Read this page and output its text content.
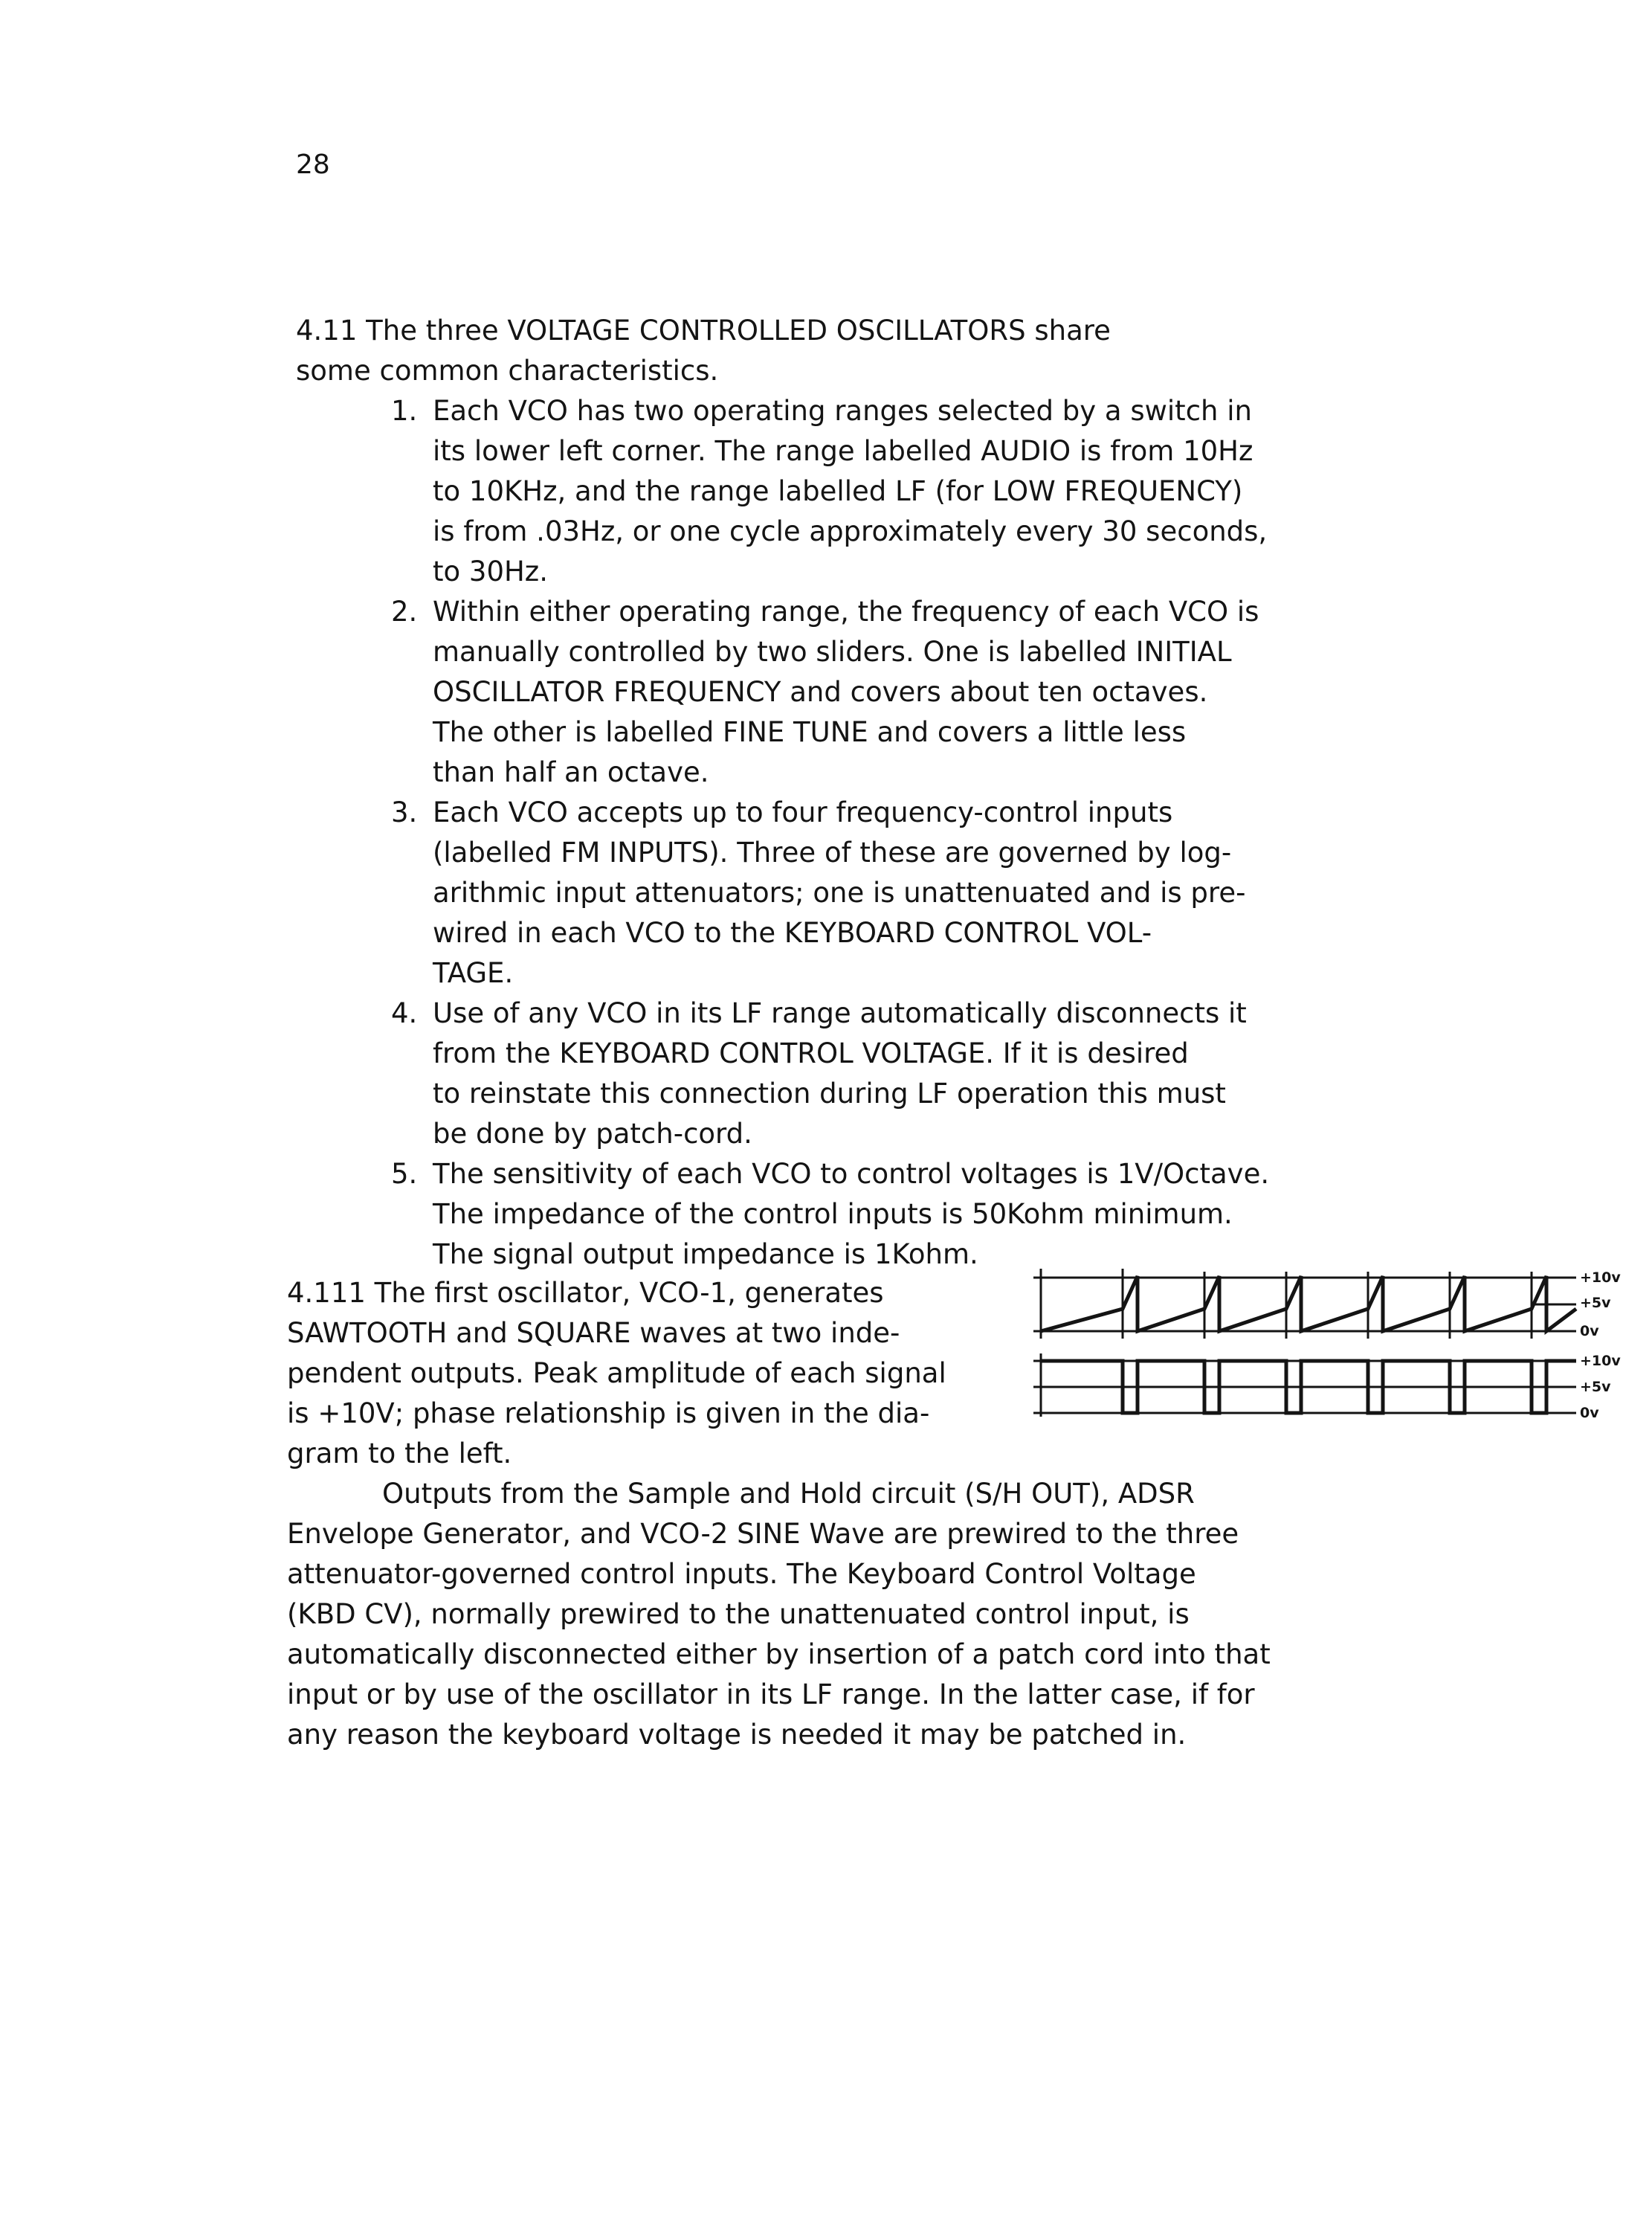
28
4.11 The three VOLTAGE CONTROLLED OSCILLATORS share
some common characteristics.
1. Each VCO has two operating ranges selected by a switch in
its lower left corner. The range labelled AUDIO is from 10Hz
to 10KHz, and the range labelled LF (for LOW FREQUENCY)
is from .03Hz, or one cycle approximately every 30 seconds,
to 30Hz.
2. Within either operating range, the frequency of each VCO is
manually controlled by two sliders. One is labelled INITIAL
OSCILLATOR FREQUENCY and covers about ten octaves.
The other is labelled FINE TUNE and covers a little less
than half an octave.
3. Each VCO accepts up to four frequency-control inputs
(labelled FM INPUTS). Three of these are governed by log-
arithmic input attenuators; one is unattenuated and is pre-
wired in each VCO to the KEYBOARD CONTROL VOL-
TAGE.
4. Use of any VCO in its LF range automatically disconnects it
from the KEYBOARD CONTROL VOLTAGE. If it is desired
to reinstate this connection during LF operation this must
be done by patch-cord.
5. The sensitivity of each VCO to control voltages is 1V/Octave.
The impedance of the control inputs is 50Kohm minimum.
The signal output impedance is 1Kohm.
4.111 The first oscillator, VCO-1, generates
SAWTOOTH and SQUARE waves at two inde-
pendent outputs. Peak amplitude of each signal
is +10V; phase relationship is given in the dia-
gram to the left.
+10v
+5v
0v
+10v
+5v
0v
Outputs from the Sample and Hold circuit (S/H OUT), ADSR
Envelope Generator, and VCO-2 SINE Wave are prewired to the three
attenuator-governed control inputs. The Keyboard Control Voltage
(KBD CV), normally prewired to the unattenuated control input, is
automatically disconnected either by insertion of a patch cord into that
input or by use of the oscillator in its LF range. In the latter case, if for
any reason the keyboard voltage is needed it may be patched in.
